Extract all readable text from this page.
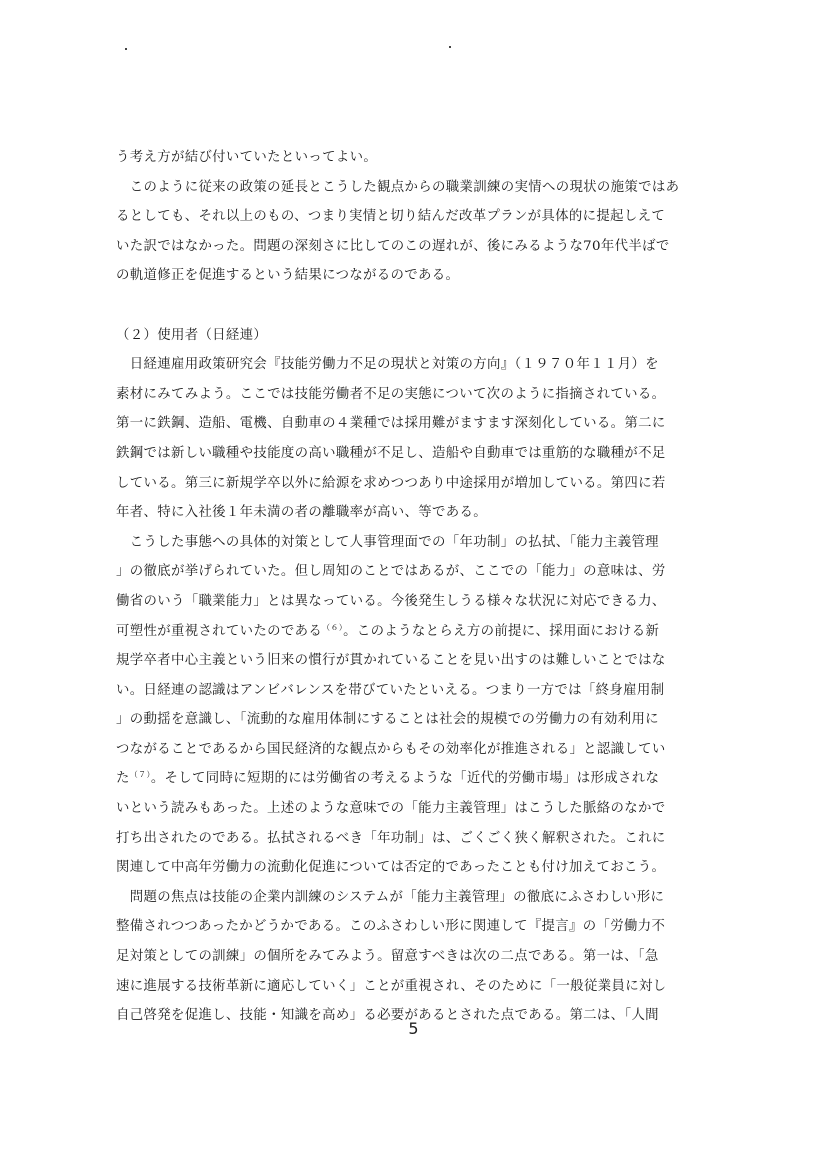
う考え方が結び付いていたといってよい。
　このように従来の政策の延長とこうした観点からの職業訓練の実情への現状の施策ではあ
るとしても、それ以上のもの、つまり実情と切り結んだ改革プランが具体的に提起しえて
いた訳ではなかった。問題の深刻さに比してのこの遅れが、後にみるような70年代半ばで
の軌道修正を促進するという結果につながるのである。
（２）使用者（日経連）
　日経連雇用政策研究会『技能労働力不足の現状と対策の方向』（１９７０年１１月）を
素材にみてみよう。ここでは技能労働者不足の実態について次のように指摘されている。
第一に鉄鋼、造船、電機、自動車の４業種では採用難がますます深刻化している。第二に
鉄鋼では新しい職種や技能度の高い職種が不足し、造船や自動車では重筋的な職種が不足
している。第三に新規学卒以外に給源を求めつつあり中途採用が増加している。第四に若
年者、特に入社後１年未満の者の離職率が高い、等である。
　こうした事態への具体的対策として人事管理面での「年功制」の払拭、「能力主義管理
」の徹底が挙げられていた。但し周知のことではあるが、ここでの「能力」の意味は、労
働省のいう「職業能力」とは異なっている。今後発生しうる様々な状況に対応できる力、
可塑性が重視されていたのである$^{(6)}$。このようなとらえ方の前提に、採用面における新
規学卒者中心主義という旧来の慣行が貫かれていることを見い出すのは難しいことではな
い。日経連の認識はアンビバレンスを帯びていたといえる。つまり一方では「終身雇用制
」の動揺を意識し、「流動的な雇用体制にすることは社会的規模での労働力の有効利用に
つながることであるから国民経済的な観点からもその効率化が推進される」と認識してい
た$^{(7)}$。そして同時に短期的には労働省の考えるような「近代的労働市場」は形成されな
いという読みもあった。上述のような意味での「能力主義管理」はこうした脈絡のなかで
打ち出されたのである。払拭されるべき「年功制」は、ごくごく狭く解釈された。これに
関連して中高年労働力の流動化促進については否定的であったことも付け加えておこう。
　問題の焦点は技能の企業内訓練のシステムが「能力主義管理」の徹底にふさわしい形に
整備されつつあったかどうかである。このふさわしい形に関連して『提言』の「労働力不
足対策としての訓練」の個所をみてみよう。留意すべきは次の二点である。第一は、「急
速に進展する技術革新に適応していく」ことが重視され、そのために「一般従業員に対し
自己啓発を促進し、技能・知識を高め」る必要があるとされた点である。第二は、「人間
5
